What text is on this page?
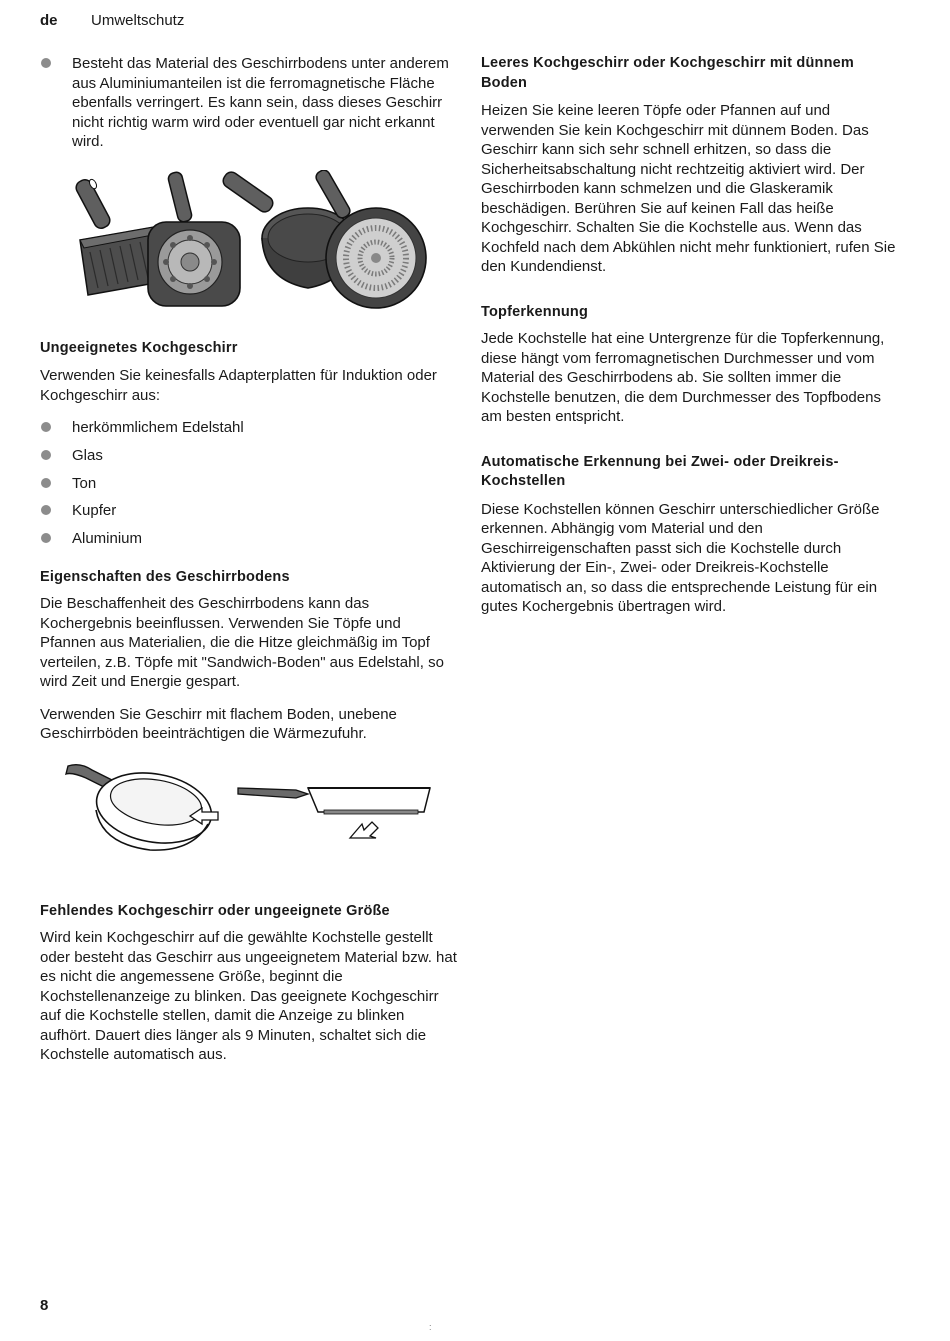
de Umweltschutz
Besteht das Material des Geschirrbodens unter anderem aus Aluminiumanteilen ist die ferromagnetische Fläche ebenfalls verringert. Es kann sein, dass dieses Geschirr nicht richtig warm wird oder eventuell gar nicht erkannt wird.
Ungeeignetes Kochgeschirr

Verwenden Sie keinesfalls Adapterplatten für Induktion oder Kochgeschirr aus:

herkömmlichem Edelstahl
Glas
Ton
Kupfer
Aluminium
Eigenschaften des Geschirrbodens

Die Beschaffenheit des Geschirrbodens kann das Kochergebnis beeinflussen. Verwenden Sie Töpfe und Pfannen aus Materialien, die die Hitze gleichmäßig im Topf verteilen, z.B. Töpfe mit "Sandwich-Boden" aus Edelstahl, so wird Zeit und Energie gespart.

Verwenden Sie Geschirr mit flachem Boden, unebene Geschirrböden beeinträchtigen die Wärmezufuhr.

Fehlendes Kochgeschirr oder ungeeignete Größe

Wird kein Kochgeschirr auf die gewählte Kochstelle gestellt oder besteht das Geschirr aus ungeeignetem Material bzw. hat es nicht die angemessene Größe, beginnt die Kochstellenanzeige zu blinken. Das geeignete Kochgeschirr auf die Kochstelle stellen, damit die Anzeige zu blinken aufhört. Dauert dies länger als 9 Minuten, schaltet sich die Kochstelle automatisch aus.

Leeres Kochgeschirr oder Kochgeschirr mit dünnem Boden

Heizen Sie keine leeren Töpfe oder Pfannen auf und verwenden Sie kein Kochgeschirr mit dünnem Boden. Das Geschirr kann sich sehr schnell erhitzen, so dass die Sicherheitsabschaltung nicht rechtzeitig aktiviert wird. Der Geschirrboden kann schmelzen und die Glaskeramik beschädigen. Berühren Sie auf keinen Fall das heiße Kochgeschirr. Schalten Sie die Kochstelle aus. Wenn das Kochfeld nach dem Abkühlen nicht mehr funktioniert, rufen Sie den Kundendienst.

Topferkennung

Jede Kochstelle hat eine Untergrenze für die Topferkennung, diese hängt vom ferromagnetischen Durchmesser und vom Material des Geschirrbodens ab. Sie sollten immer die Kochstelle benutzen, die dem Durchmesser des Topfbodens am besten entspricht.

Automatische Erkennung bei Zwei- oder Dreikreis-Kochstellen

Diese Kochstellen können Geschirr unterschiedlicher Größe erkennen. Abhängig vom Material und den Geschirreigenschaften passt sich die Kochstelle durch Aktivierung der Ein-, Zwei- oder Dreikreis-Kochstelle automatisch an, so dass die entsprechende Leistung für ein gutes Kochergebnis übertragen wird.

8
:
